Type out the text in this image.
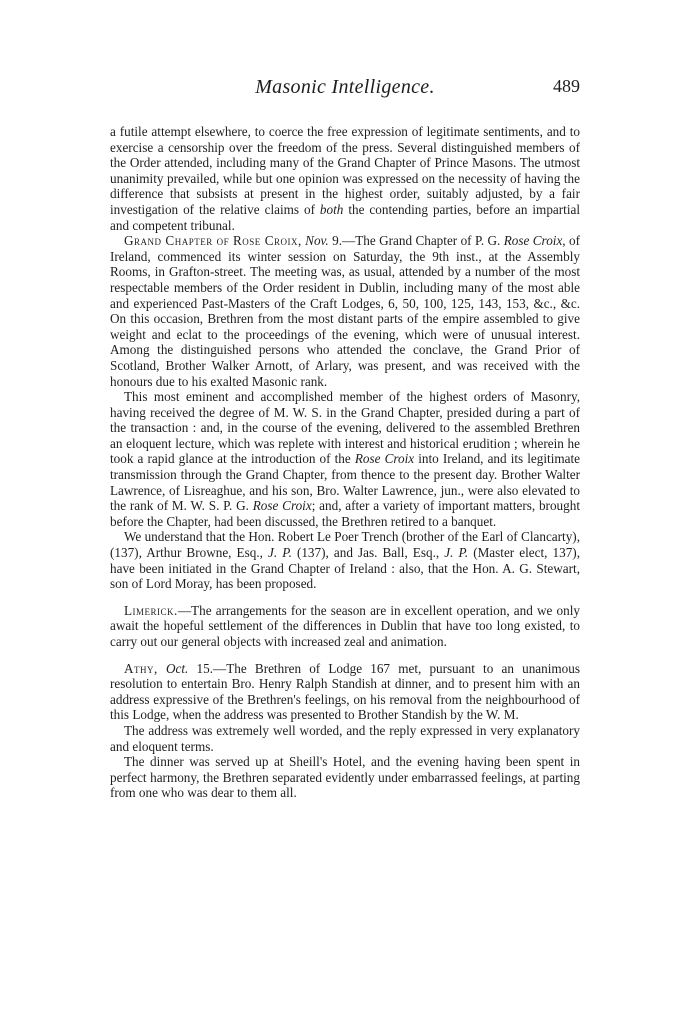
Masonic Intelligence.	489

a futile attempt elsewhere, to coerce the free expression of legitimate sentiments, and to exercise a censorship over the freedom of the press. Several distinguished members of the Order attended, including many of the Grand Chapter of Prince Masons. The utmost unanimity prevailed, while but one opinion was expressed on the necessity of having the difference that subsists at present in the highest order, suitably adjusted, by a fair investigation of the relative claims of both the contending parties, before an impartial and competent tribunal.

Grand Chapter of Rose Croix, Nov. 9.—The Grand Chapter of P. G. Rose Croix, of Ireland, commenced its winter session on Saturday, the 9th inst., at the Assembly Rooms, in Grafton-street. The meeting was, as usual, attended by a number of the most respectable members of the Order resident in Dublin, including many of the most able and experienced Past-Masters of the Craft Lodges, 6, 50, 100, 125, 143, 153, &c., &c. On this occasion, Brethren from the most distant parts of the empire assembled to give weight and eclat to the proceedings of the evening, which were of unusual interest. Among the distinguished persons who attended the conclave, the Grand Prior of Scotland, Brother Walker Arnott, of Arlary, was present, and was received with the honours due to his exalted Masonic rank.

This most eminent and accomplished member of the highest orders of Masonry, having received the degree of M. W. S. in the Grand Chapter, presided during a part of the transaction : and, in the course of the evening, delivered to the assembled Brethren an eloquent lecture, which was replete with interest and historical erudition ; wherein he took a rapid glance at the introduction of the Rose Croix into Ireland, and its legitimate transmission through the Grand Chapter, from thence to the present day. Brother Walter Lawrence, of Lisreaghue, and his son, Bro. Walter Lawrence, jun., were also elevated to the rank of M. W. S. P. G. Rose Croix; and, after a variety of important matters, brought before the Chapter, had been discussed, the Brethren retired to a banquet.

We understand that the Hon. Robert Le Poer Trench (brother of the Earl of Clancarty), (137), Arthur Browne, Esq., J. P. (137), and Jas. Ball, Esq., J. P. (Master elect, 137), have been initiated in the Grand Chapter of Ireland : also, that the Hon. A. G. Stewart, son of Lord Moray, has been proposed.

Limerick.—The arrangements for the season are in excellent operation, and we only await the hopeful settlement of the differences in Dublin that have too long existed, to carry out our general objects with increased zeal and animation.

Athy, Oct. 15.—The Brethren of Lodge 167 met, pursuant to an unanimous resolution to entertain Bro. Henry Ralph Standish at dinner, and to present him with an address expressive of the Brethren's feelings, on his removal from the neighbourhood of this Lodge, when the address was presented to Brother Standish by the W. M.

The address was extremely well worded, and the reply expressed in very explanatory and eloquent terms.

The dinner was served up at Sheill's Hotel, and the evening having been spent in perfect harmony, the Brethren separated evidently under embarrassed feelings, at parting from one who was dear to them all.
